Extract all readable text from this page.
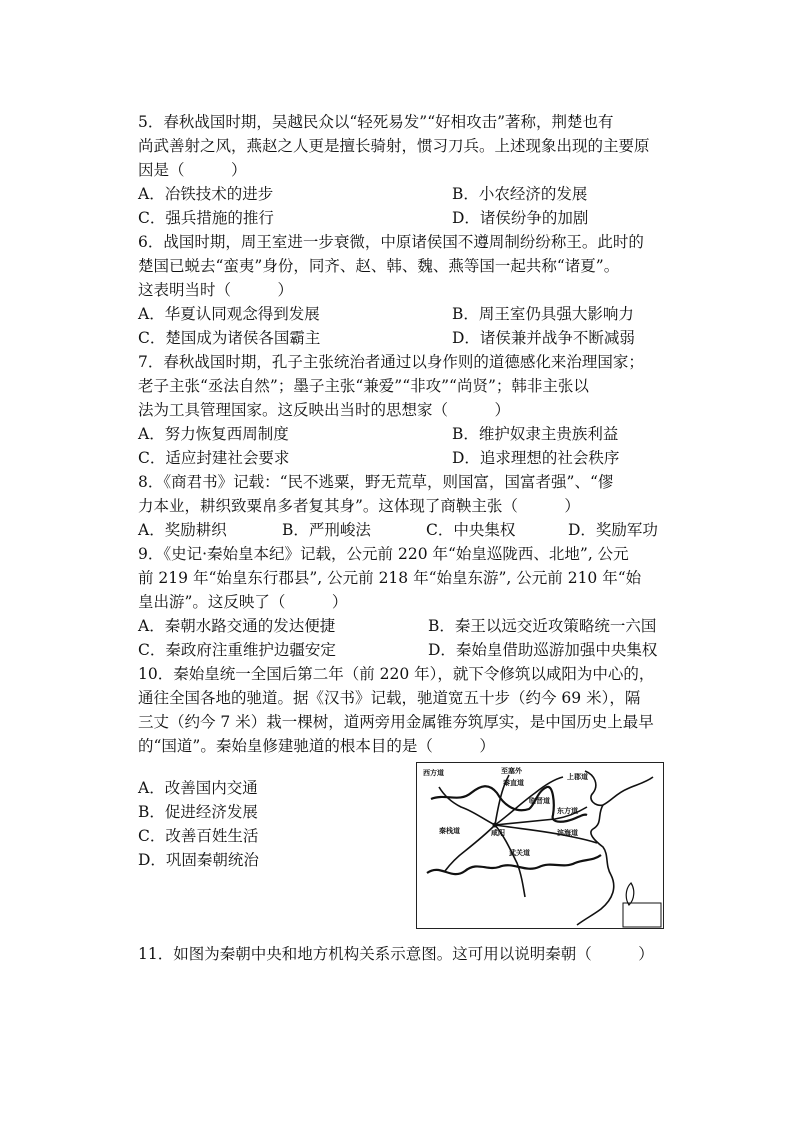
5．春秋战国时期，吴越民众以“轻死易发”“好相攻击”著称，荆楚也有
尚武善射之风，燕赵之人更是擅长骑射，惯习刀兵。上述现象出现的主要原
因是（　　　）
A．冶铁技术的进步	B．小农经济的发展
C．强兵措施的推行	D．诸侯纷争的加剧
6．战国时期，周王室进一步衰微，中原诸侯国不遵周制纷纷称王。此时的
楚国已蜕去“蛮夷”身份，同齐、赵、韩、魏、燕等国一起共称“诸夏”。
这表明当时（　　　）
A．华夏认同观念得到发展	B．周王室仍具强大影响力
C．楚国成为诸侯各国霸主	D．诸侯兼并战争不断减弱
7．春秋战国时期，孔子主张统治者通过以身作则的道德感化来治理国家；
老子主张“丞法自然”；墨子主张“兼爱”“非攻”“尚贤”；韩非主张以
法为工具管理国家。这反映出当时的思想家（　　　）
A．努力恢复西周制度	B．维护奴隶主贵族利益
C．适应封建社会要求	D．追求理想的社会秩序
8．《商君书》记载：“民不逃粟，野无荒草，则国富，国富者强”、“僇
力本业，耕织致粟帛多者复其身”。这体现了商鞅主张（　　　）
A．奖励耕织	B．严刑峻法	C．中央集权	D．奖励军功
9．《史记·秦始皇本纪》记载，公元前 220 年“始皇巡陇西、北地”, 公元
前 219 年“始皇东行郡县”, 公元前 218 年“始皇东游”, 公元前 210 年“始
皇出游”。这反映了（　　　）
A．秦朝水路交通的发达便捷	B．秦王以远交近攻策略统一六国
C．秦政府注重维护边疆安定	D．秦始皇借助巡游加强中央集权
10．秦始皇统一全国后第二年（前 220 年），就下令修筑以咸阳为中心的，
通往全国各地的驰道。据《汉书》记载，驰道宽五十步（约今 69 米），隔
三丈（约今 7 米）栽一棵树，道两旁用金属锥夯筑厚实，是中国历史上最早
的“国道”。秦始皇修建驰道的根本目的是（　　　）
A．改善国内交通
B．促进经济发展
C．改善百姓生活
D．巩固秦朝统治
西方道	至塞外
秦直道
上郡道
临晋道
东方道
秦栈道	咸阳	滨海道
武关道
11．如图为秦朝中央和地方机构关系示意图。这可用以说明秦朝（　　　）
